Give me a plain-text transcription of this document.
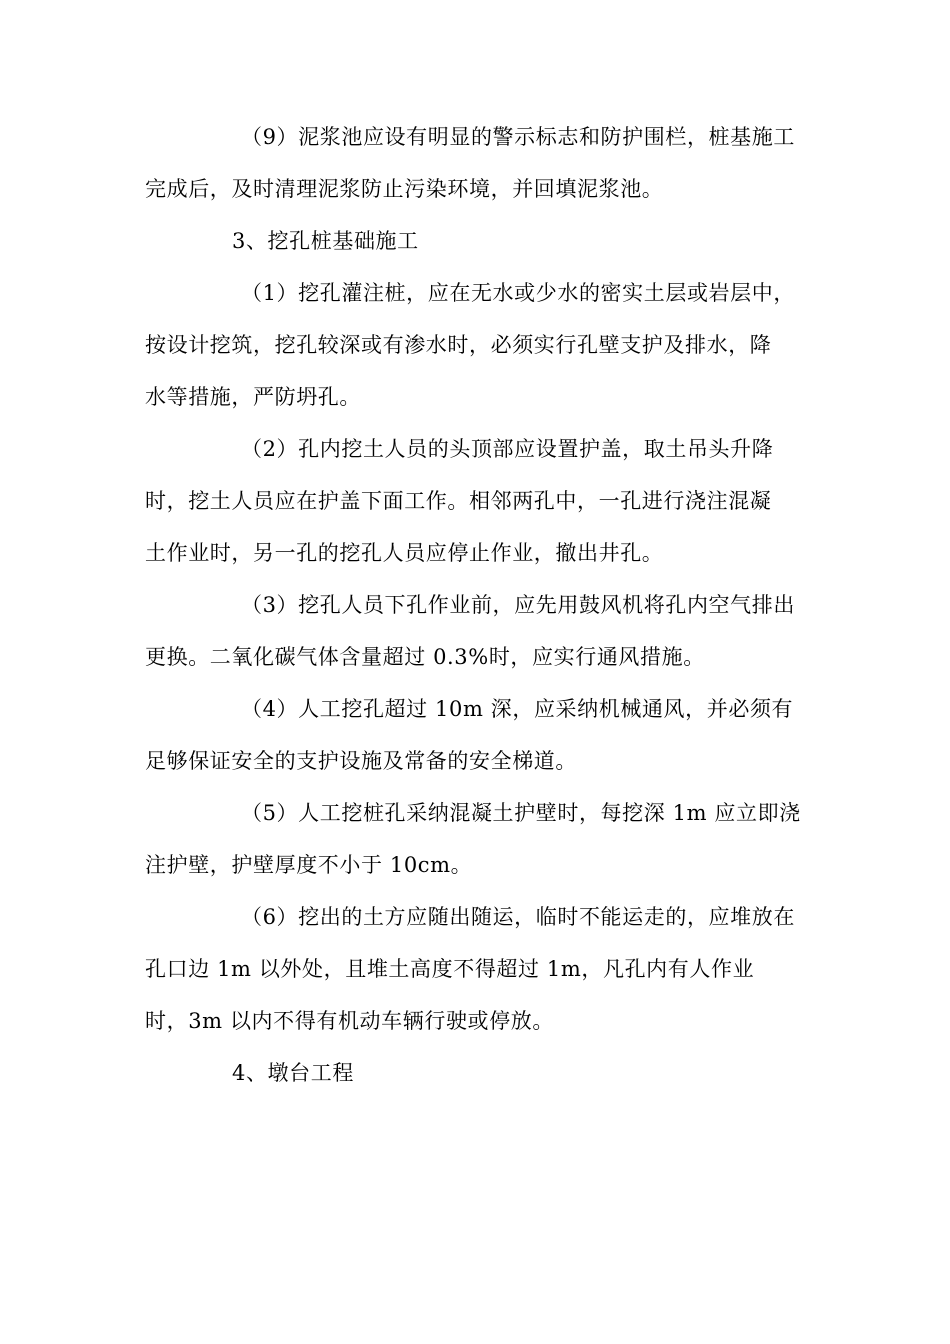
（9）泥浆池应设有明显的警示标志和防护围栏，桩基施工
完成后，及时清理泥浆防止污染环境，并回填泥浆池。
3、挖孔桩基础施工
（1）挖孔灌注桩，应在无水或少水的密实土层或岩层中，
按设计挖筑，挖孔较深或有渗水时，必须实行孔壁支护及排水，降
水等措施，严防坍孔。
（2）孔内挖土人员的头顶部应设置护盖，取土吊头升降
时，挖土人员应在护盖下面工作。相邻两孔中，一孔进行浇注混凝
土作业时，另一孔的挖孔人员应停止作业，撤出井孔。
（3）挖孔人员下孔作业前，应先用鼓风机将孔内空气排出
更换。二氧化碳气体含量超过 0.3%时，应实行通风措施。
（4）人工挖孔超过 10m 深，应采纳机械通风，并必须有
足够保证安全的支护设施及常备的安全梯道。
（5）人工挖桩孔采纳混凝土护壁时，每挖深 1m 应立即浇
注护壁，护壁厚度不小于 10cm。
（6）挖出的土方应随出随运，临时不能运走的，应堆放在
孔口边 1m 以外处，且堆土高度不得超过 1m，凡孔内有人作业
时，3m 以内不得有机动车辆行驶或停放。
4、墩台工程
